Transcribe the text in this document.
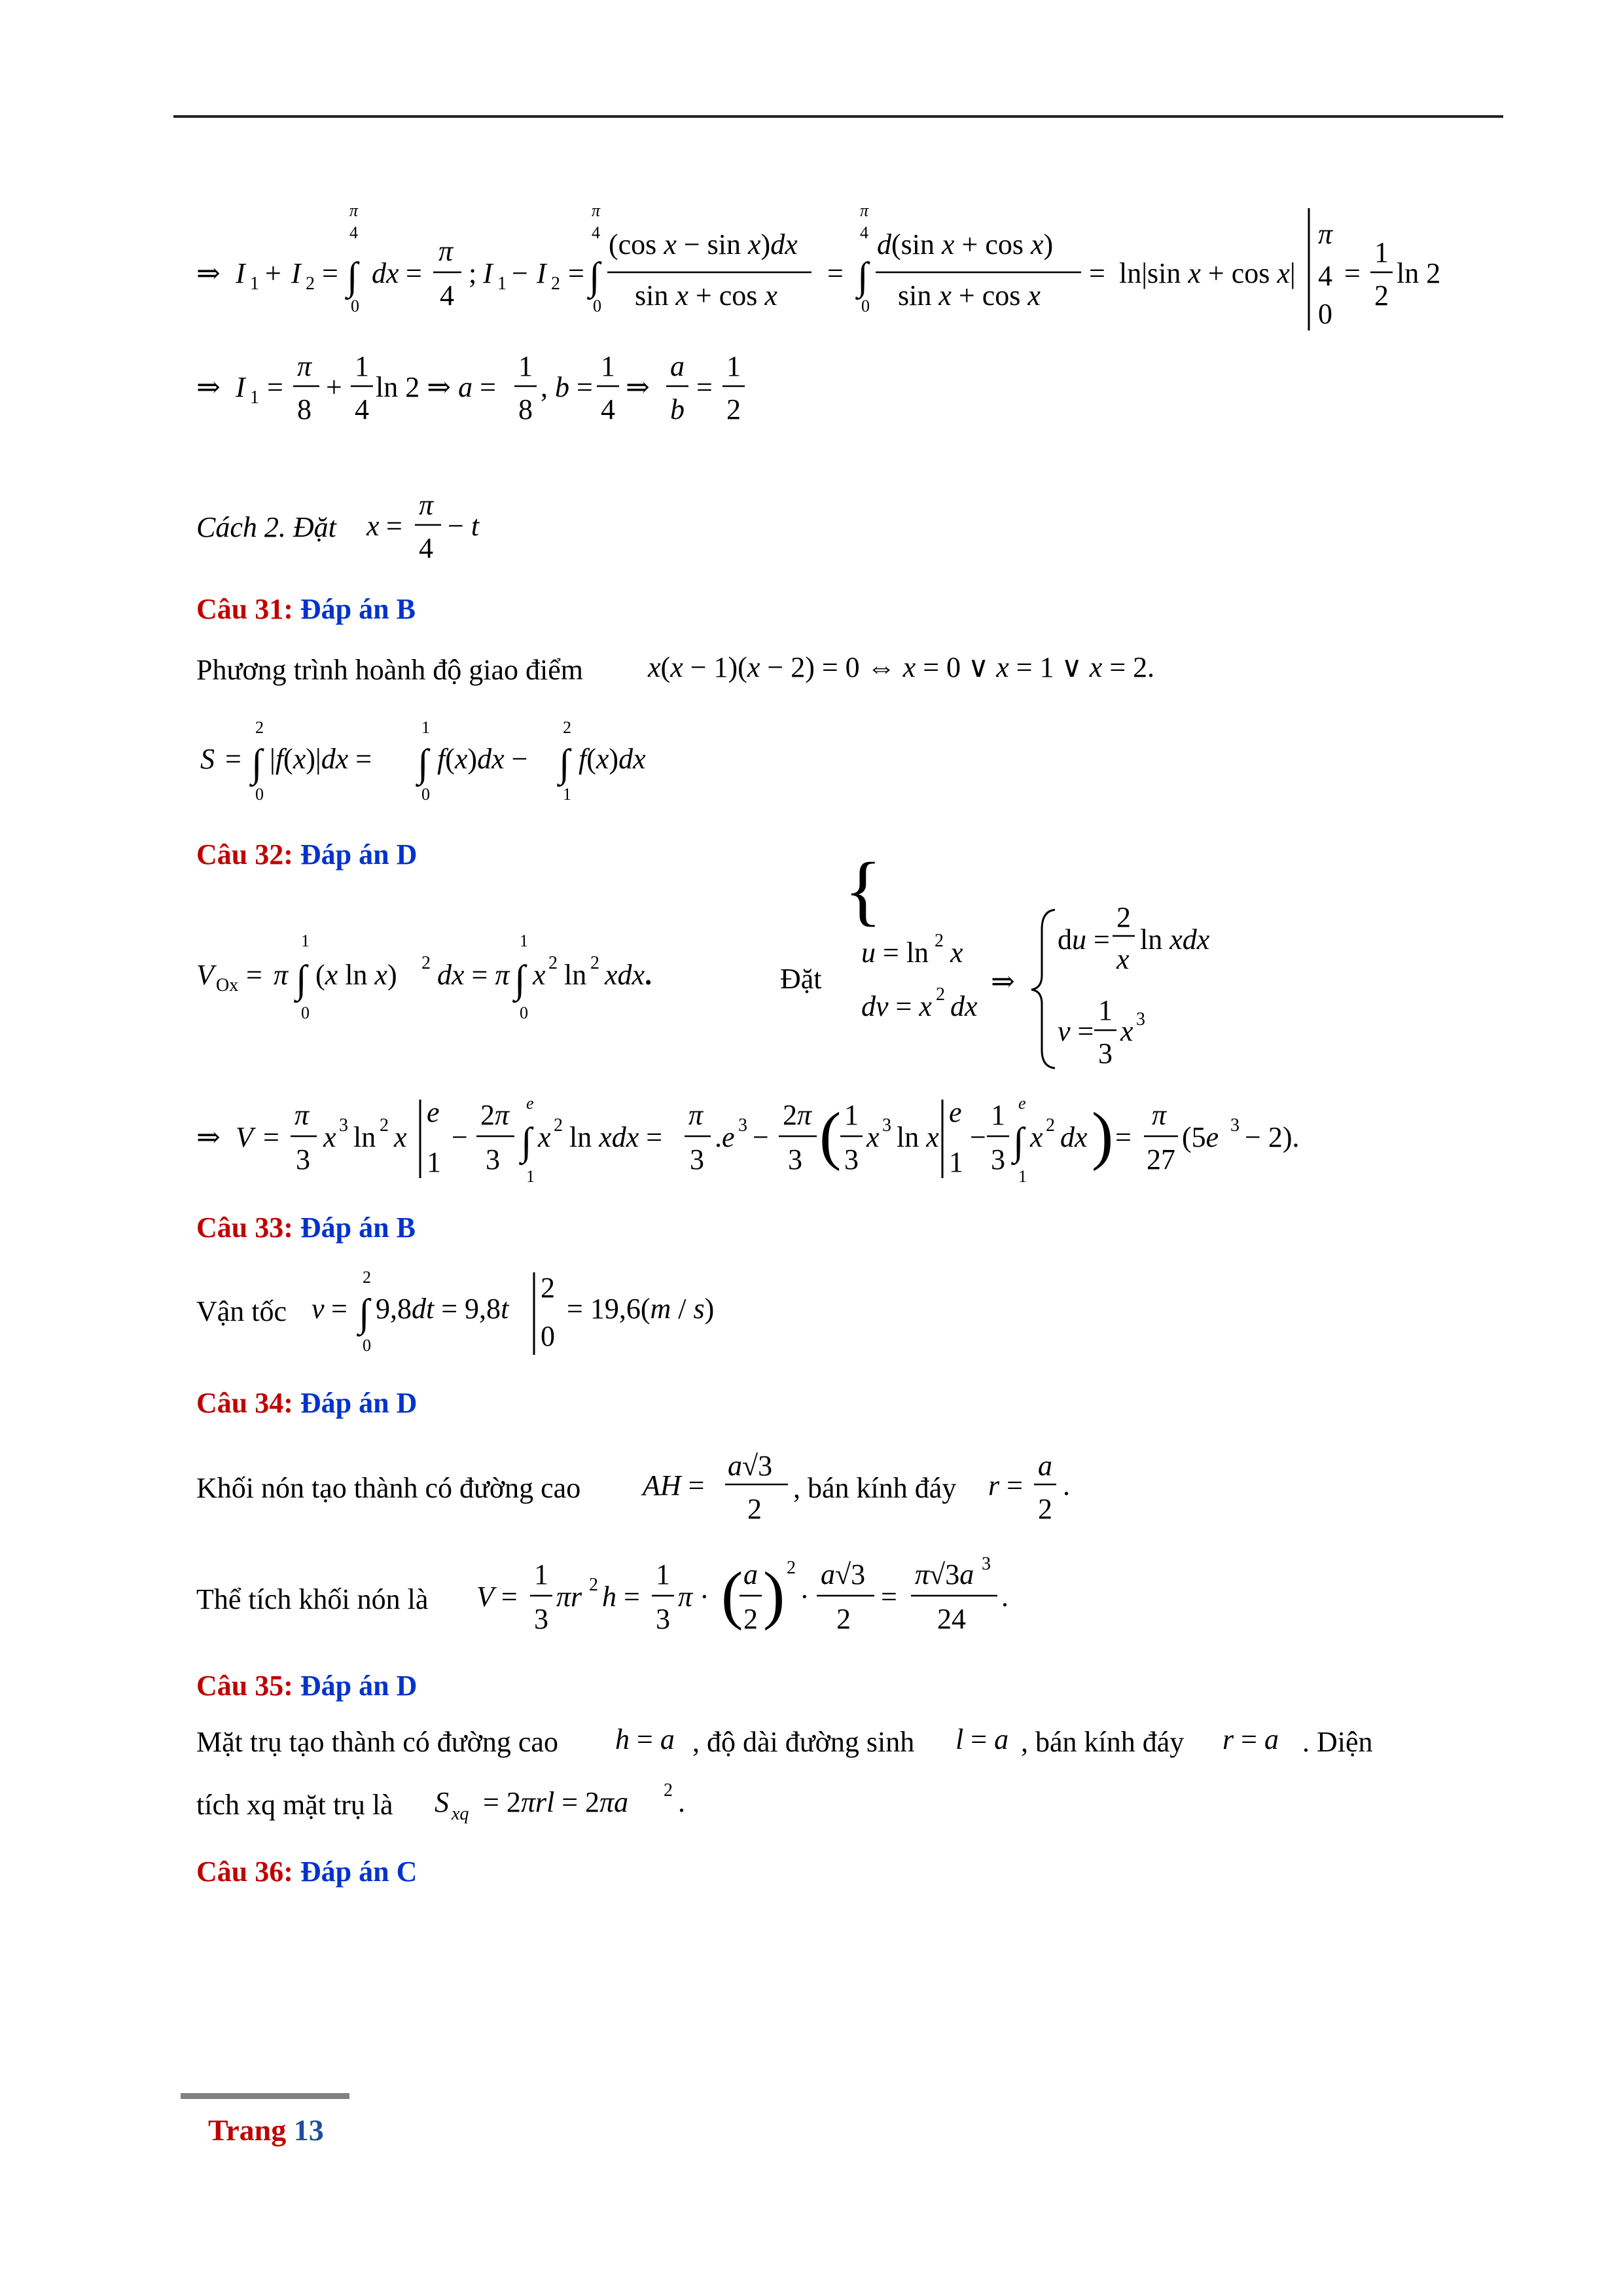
⇒ I 1 + I 2 =
π
4
∫
0
dx =
π
4
; I 1 − I 2 =
π
4
∫
0
(cos x − sin x)dx
sin x + cos x
=
π
4
∫
0
d(sin x + cos x)
sin x + cos x
= ln|sin x + cos x|
π
4
0
=
1
2
ln 2
⇒ I 1 =
π
8
+
1
4
ln 2 ⇒ a =
1
8
, b =
1
4
⇒
a
b
=
1
2
x =
π
4
− t
x(x − 1)(x − 2) = 0 ⇔ x = 0 ∨ x = 1 ∨ x = 2.
S =
2
∫
0
|f(x)|dx =
1
∫
0
f(x)dx −
2
∫
1
f(x)dx
V Ox = π
1
∫
0
(x ln x) 2 dx = π
1
∫
0
x 2 ln 2 xdx.
{
u = ln 2 x
dv = x 2 dx
⇒
du =
2
x
ln xdx
v =
1
3
x 3
⇒ V =
π
3
x 3 ln 2 x
e
1
−
2π
3
e
∫
1
x 2 ln xdx =
π
3
.e 3 −
2π
3 ( 1
3
x 3 ln x
e
1
−
1
3
e
∫
1
x 2 dx ) =
π
27
(5e 3 − 2).
v =
2
∫
0
9,8dt = 9,8t
2
0
= 19,6(m / s)
AH =
a√3
2
r =
a
2
.
V =
1
3
πr 2 h =
1
3
π · ( a
2 ) 2
·
a√3
2
=
π√3a 3
24
.
h = a	l = a	r = a
S xq = 2πrl = 2πa 2 .
Cách 2. Đặt
Câu 31: Đáp án B
Phương trình hoành độ giao điểm
Câu 32: Đáp án D
Đặt
Câu 33: Đáp án B
Vận tốc
Câu 34: Đáp án D
Khối nón tạo thành có đường cao	, bán kính đáy
Thể tích khối nón là
Câu 35: Đáp án D
Mặt trụ tạo thành có đường cao	, độ dài đường sinh	, bán kính đáy	. Diện
tích xq mặt trụ là
Câu 36: Đáp án C
Trang 13
